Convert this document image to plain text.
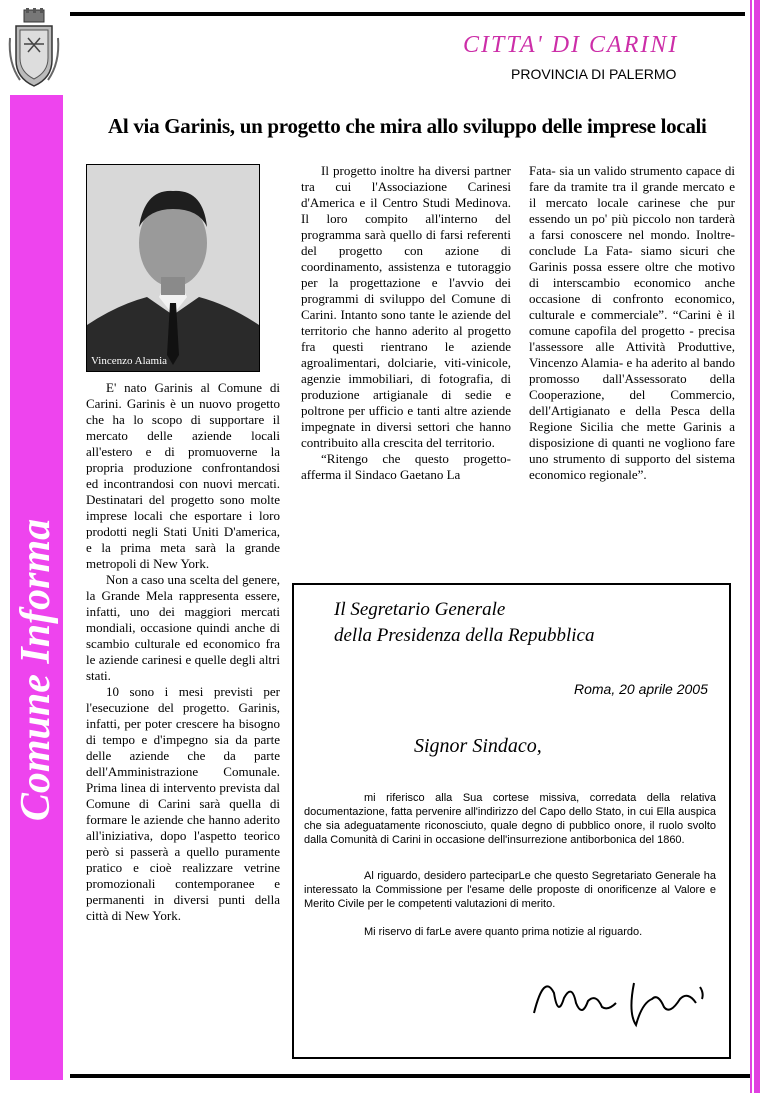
Comune Informa
CITTA' DI CARINI
PROVINCIA DI PALERMO
Al via Garinis, un progetto che mira allo sviluppo delle imprese locali
Vincenzo Alamia

E' nato Garinis al Comune di Carini. Garinis è un nuovo progetto che ha lo scopo di supportare il mercato delle aziende locali all'estero e di promuoverne la propria produzione confrontandosi ed incontrandosi con nuovi mercati. Destinatari del progetto sono molte imprese locali che esportare i loro prodotti negli Stati Uniti D'america, e la prima meta sarà la grande metropoli di New York.

Non a caso una scelta del genere, la Grande Mela rappresenta essere, infatti, uno dei maggiori mercati mondiali, occasione quindi anche di scambio culturale ed economico fra le aziende carinesi e quelle degli altri stati.

10 sono i mesi previsti per l'esecuzione del progetto. Garinis, infatti, per poter crescere ha bisogno di tempo e d'impegno sia da parte delle aziende che da parte dell'Amministrazione Comunale. Prima linea di intervento prevista dal Comune di Carini sarà quella di formare le aziende che hanno aderito all'iniziativa, dopo l'aspetto teorico però si passerà a quello puramente pratico e cioè realizzare vetrine promozionali contemporanee e permanenti in diversi punti della città di New York.

Il progetto inoltre ha diversi partner tra cui l'Associazione Carinesi d'America e il Centro Studi Medinova. Il loro compito all'interno del programma sarà quello di farsi referenti del progetto con azione di coordinamento, assistenza e tutoraggio per la progettazione e l'avvio dei programmi di sviluppo del Comune di Carini. Intanto sono tante le aziende del territorio che hanno aderito al progetto fra questi rientrano le aziende agroalimentari, dolciarie, viti-vinicole, agenzie immobiliari, di fotografia, di produzione artigianale di sedie e poltrone per ufficio e tanti altre aziende impegnate in diversi settori che hanno contribuito alla crescita del territorio.

“Ritengo che questo progetto- afferma il Sindaco Gaetano La

Fata- sia un valido strumento capace di fare da tramite tra il grande mercato e il mercato locale carinese che pur essendo un po' più piccolo non tarderà a farsi conoscere nel mondo. Inoltre- conclude La Fata- siamo sicuri che Garinis possa essere oltre che motivo di interscambio economico anche occasione di confronto economico, culturale e commerciale”. “Carini è il comune capofila del progetto - precisa l'assessore alle Attività Produttive, Vincenzo Alamia- e ha aderito al bando promosso dall'Assessorato della Cooperazione, del Commercio, dell'Artigianato e della Pesca della Regione Sicilia che mette Garinis a disposizione di quanti ne vogliono fare uno strumento di supporto del sistema economico regionale”.

Il Segretario Generale
della Presidenza della Repubblica
Roma, 20 aprile 2005
Signor Sindaco,
mi riferisco alla Sua cortese missiva, corredata della relativa documentazione, fatta pervenire all'indirizzo del Capo dello Stato, in cui Ella auspica che sia adeguatamente riconosciuto, quale degno di pubblico onore, il ruolo svolto dalla Comunità di Carini in occasione dell'insurrezione antiborbonica del 1860.
Al riguardo, desidero parteciparLe che questo Segretariato Generale ha interessato la Commissione per l'esame delle proposte di onorificenze al Valore e Merito Civile per le competenti valutazioni di merito.
Mi riservo di farLe avere quanto prima notizie al riguardo.
